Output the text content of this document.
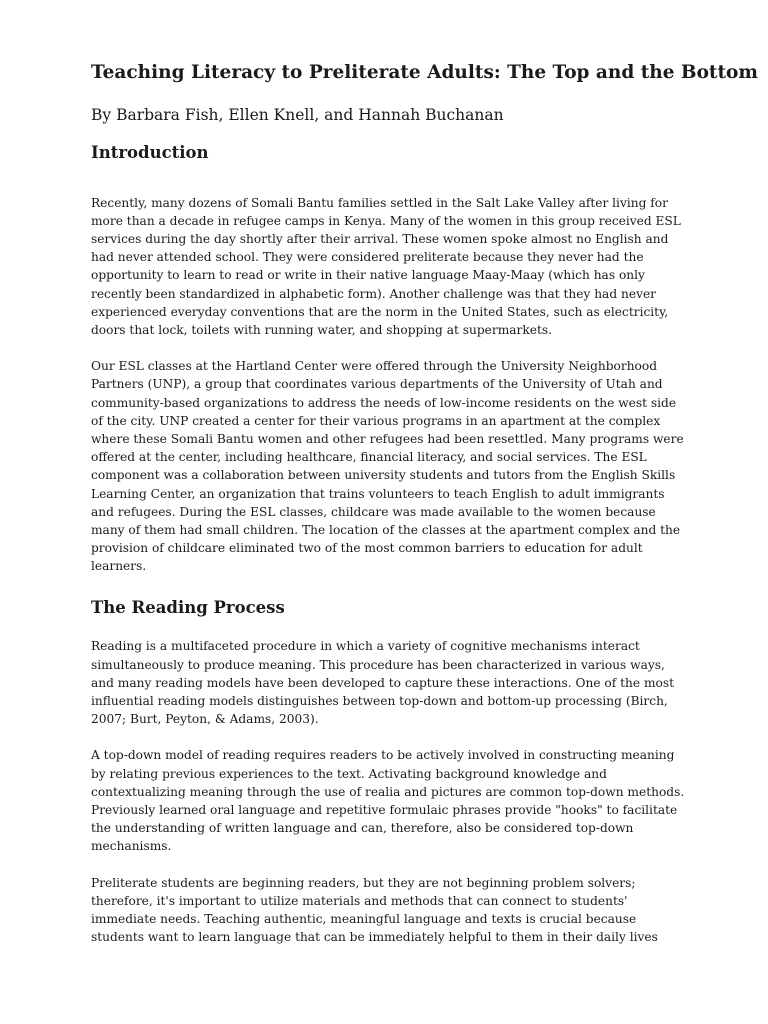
Teaching Literacy to Preliterate Adults: The Top and the Bottom

By Barbara Fish, Ellen Knell, and Hannah Buchanan

Introduction

Recently, many dozens of Somali Bantu families settled in the Salt Lake Valley after living for more than a decade in refugee camps in Kenya. Many of the women in this group received ESL services during the day shortly after their arrival. These women spoke almost no English and had never attended school. They were considered preliterate because they never had the opportunity to learn to read or write in their native language Maay-Maay (which has only recently been standardized in alphabetic form). Another challenge was that they had never experienced everyday conventions that are the norm in the United States, such as electricity, doors that lock, toilets with running water, and shopping at supermarkets.

Our ESL classes at the Hartland Center were offered through the University Neighborhood Partners (UNP), a group that coordinates various departments of the University of Utah and community-based organizations to address the needs of low-income residents on the west side of the city. UNP created a center for their various programs in an apartment at the complex where these Somali Bantu women and other refugees had been resettled. Many programs were offered at the center, including healthcare, financial literacy, and social services. The ESL component was a collaboration between university students and tutors from the English Skills Learning Center, an organization that trains volunteers to teach English to adult immigrants and refugees. During the ESL classes, childcare was made available to the women because many of them had small children. The location of the classes at the apartment complex and the provision of childcare eliminated two of the most common barriers to education for adult learners.

The Reading Process

Reading is a multifaceted procedure in which a variety of cognitive mechanisms interact simultaneously to produce meaning. This procedure has been characterized in various ways, and many reading models have been developed to capture these interactions. One of the most influential reading models distinguishes between top-down and bottom-up processing (Birch, 2007; Burt, Peyton, & Adams, 2003).

A top-down model of reading requires readers to be actively involved in constructing meaning by relating previous experiences to the text. Activating background knowledge and contextualizing meaning through the use of realia and pictures are common top-down methods. Previously learned oral language and repetitive formulaic phrases provide "hooks" to facilitate the understanding of written language and can, therefore, also be considered top-down mechanisms.

Preliterate students are beginning readers, but they are not beginning problem solvers; therefore, it's important to utilize materials and methods that can connect to students' immediate needs. Teaching authentic, meaningful language and texts is crucial because students want to learn language that can be immediately helpful to them in their daily lives
